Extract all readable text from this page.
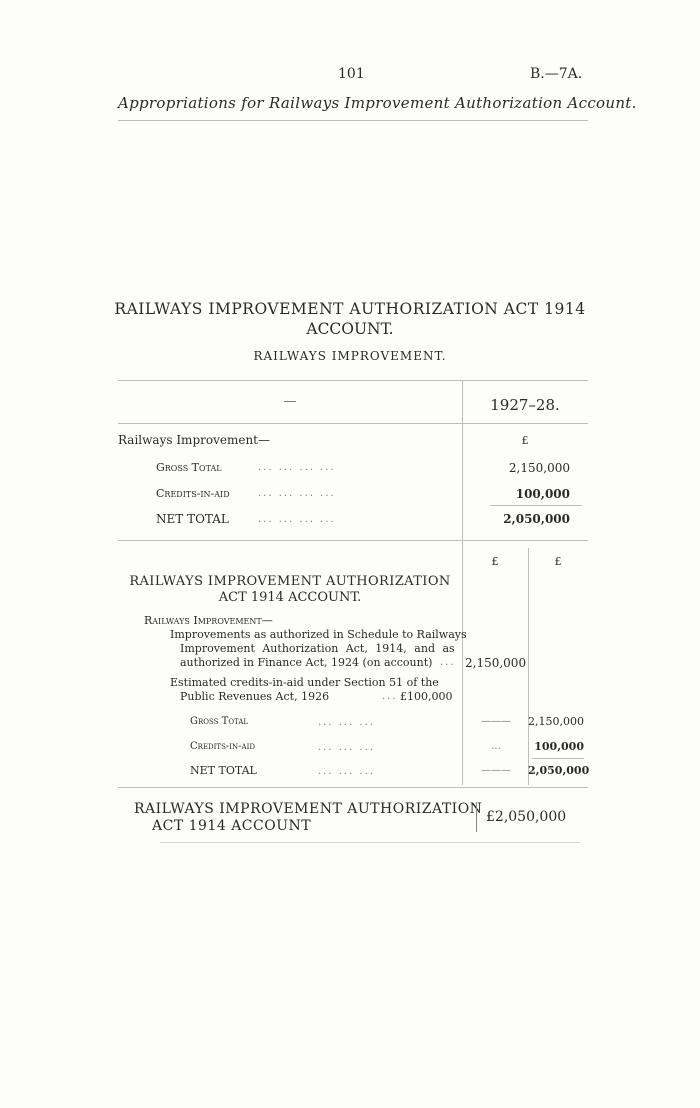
101	B.—7A.
Appropriations for Railways Improvement Authorization Account.
RAILWAYS IMPROVEMENT AUTHORIZATION ACT 1914
ACCOUNT.
RAILWAYS IMPROVEMENT.
—	1927–28.
£
Railways Improvement—
Gross Total	... ... ... ...	2,150,000
Credits-in-aid	... ... ... ...	100,000
NET TOTAL	... ... ... ...	2,050,000
£	£
RAILWAYS IMPROVEMENT AUTHORIZATION
ACT 1914 ACCOUNT.
Railways Improvement—
Improvements as authorized in Schedule to Railways
Improvement Authorization Act, 1914, and as
authorized in Finance Act, 1924 (on account) ... 2,150,000
Estimated credits-in-aid under Section 51 of the
Public Revenues Act, 1926	... £100,000
Gross Total	... ... ...	———	2,150,000
Credits-in-aid	... ... ...	...	100,000
NET TOTAL	... ... ...	———	2,050,000
RAILWAYS IMPROVEMENT AUTHORIZATION
ACT 1914 ACCOUNT
£2,050,000
